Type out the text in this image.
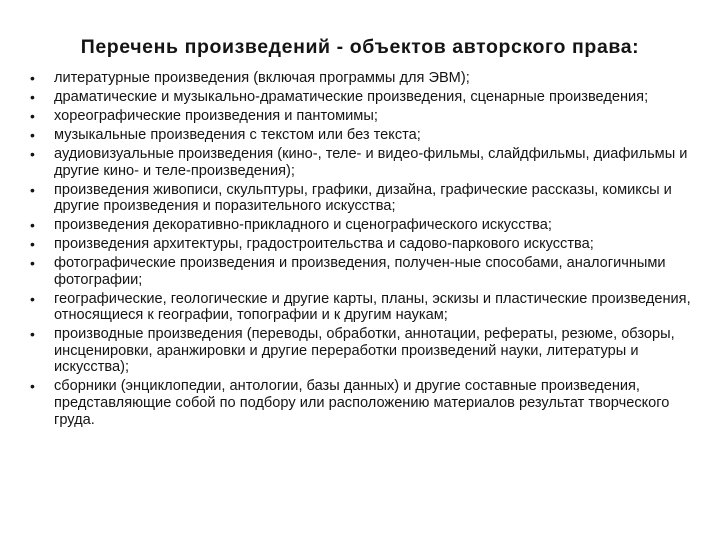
Перечень произведений - объектов авторского права:
• литературные произведения (включая программы для ЭВМ);
• драматические и музыкально-драматические произведения, сценарные произведения;
• хореографические произведения и пантомимы;
• музыкальные произведения с текстом или без текста;
• аудиовизуальные произведения (кино-, теле- и видео-фильмы, слайдфильмы, диафильмы и другие кино- и теле-произведения);
• произведения живописи, скульптуры, графики, дизайна, графические рассказы, комиксы и другие произведения и поразительного искусства;
• произведения декоративно-прикладного и сценографического искусства;
• произведения архитектуры, градостроительства и садово-паркового искусства;
• фотографические произведения и произведения, получен-ные способами, аналогичными фотографии;
• географические, геологические и другие карты, планы, эскизы и пластические произведения, относящиеся к географии, топографии и к другим наукам;
• производные произведения (переводы, обработки, аннотации, рефераты, резюме, обзоры, инсценировки, аранжировки и другие переработки произведений науки, литературы и искусства);
• сборники (энциклопедии, антологии, базы данных) и другие составные произведения, представляющие собой по подбору или расположению материалов результат творческого груда.
